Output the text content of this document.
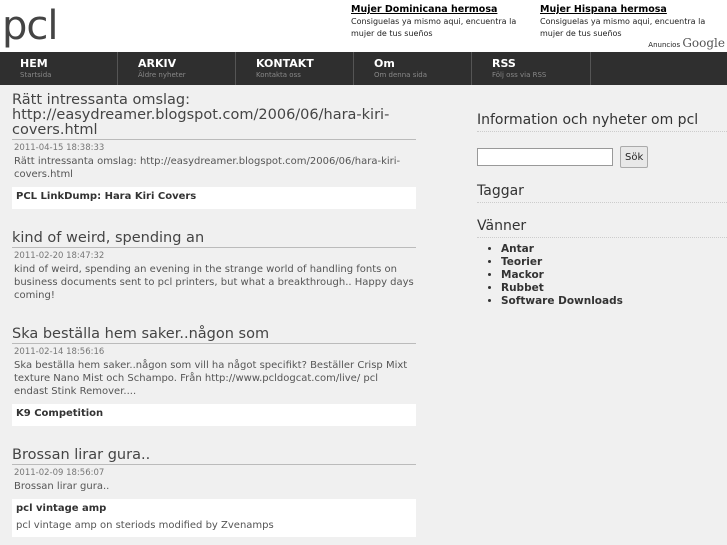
pcl	Mujer Dominicana hermosa
Consiguelas ya mismo aqui, encuentra la mujer de tus sueños
Mujer Hispana hermosa
Consiguelas ya mismo aqui, encuentra la mujer de tus sueños
Anuncios Google
HEM
Startsida
ARKIV
Äldre nyheter
KONTAKT
Kontakta oss
Om
Om denna sida
RSS
Följ oss via RSS
Rätt intressanta omslag: http://easydreamer.blogspot.com/2006/06/hara-kiri-covers.html
2011-04-15 18:38:33
Rätt intressanta omslag: http://easydreamer.blogspot.com/2006/06/hara-kiri-covers.html
PCL LinkDump: Hara Kiri Covers
kind of weird, spending an
2011-02-20 18:47:32
kind of weird, spending an evening in the strange world of handling fonts on business documents sent to pcl printers, but what a breakthrough.. Happy days coming!
Ska beställa hem saker..någon som
2011-02-14 18:56:16
Ska beställa hem saker..någon som vill ha något specifikt? Beställer Crisp Mixt texture Nano Mist och Schampo. Från http://www.pcldogcat.com/live/ pcl endast Stink Remover....
K9 Competition
Brossan lirar gura..
2011-02-09 18:56:07
Brossan lirar gura..
pcl vintage amp
pcl vintage amp on steriods modified by Zvenamps
Information och nyheter om pcl
Sök
Taggar
Vänner
• Antar
• Teorier
• Mackor
• Rubbet
• Software Downloads
